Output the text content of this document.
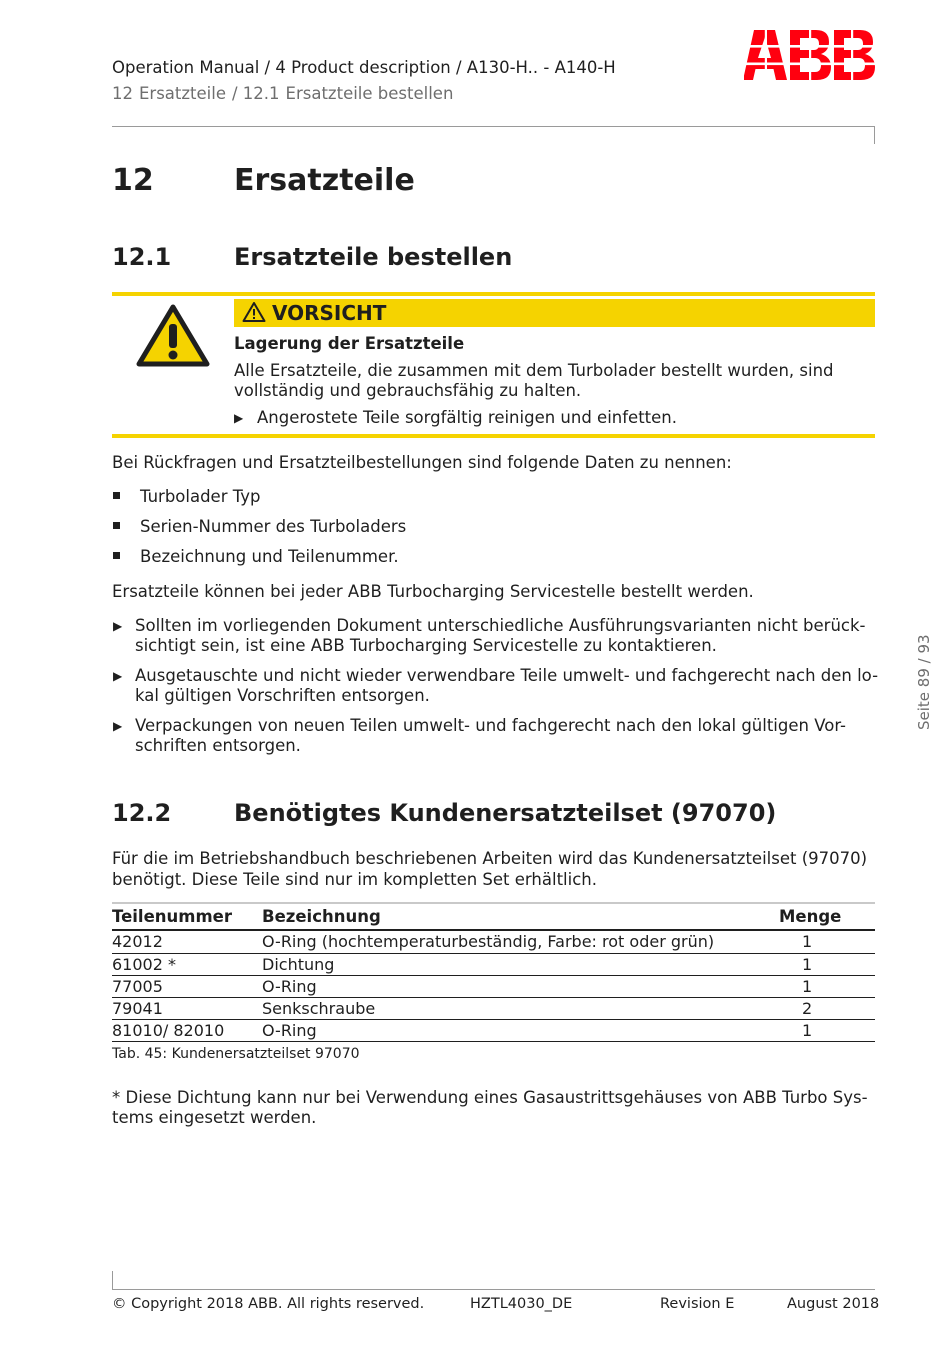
Operation Manual / 4 Product description / A130-H.. - A140-H
12 Ersatzteile / 12.1 Ersatzteile bestellen
12	Ersatzteile
12.1	Ersatzteile bestellen
VORSICHT
Lagerung der Ersatzteile
Alle Ersatzteile, die zusammen mit dem Turbolader bestellt wurden, sind
vollständig und gebrauchsfähig zu halten.
▶ Angerostete Teile sorgfältig reinigen und einfetten.
Bei Rückfragen und Ersatzteilbestellungen sind folgende Daten zu nennen:
Turbolader Typ
Serien-Nummer des Turboladers
Bezeichnung und Teilenummer.
Ersatzteile können bei jeder ABB Turbocharging Servicestelle bestellt werden.
▶ Sollten im vorliegenden Dokument unterschiedliche Ausführungsvarianten nicht berück-
sichtigt sein, ist eine ABB Turbocharging Servicestelle zu kontaktieren.
▶ Ausgetauschte und nicht wieder verwendbare Teile umwelt- und fachgerecht nach den lo-
kal gültigen Vorschriften entsorgen.
▶ Verpackungen von neuen Teilen umwelt- und fachgerecht nach den lokal gültigen Vor-
schriften entsorgen.
12.2	Benötigtes Kundenersatzteilset (97070)
Für die im Betriebshandbuch beschriebenen Arbeiten wird das Kundenersatzteilset (97070)
benötigt. Diese Teile sind nur im kompletten Set erhältlich.
Teilenummer Bezeichnung	Menge
42012	O-Ring (hochtemperaturbeständig, Farbe: rot oder grün)	1
61002 *	Dichtung	1
77005	O-Ring	1
79041	Senkschraube	2
81010/ 82010 O-Ring	1
Tab. 45: Kundenersatzteilset 97070
* Diese Dichtung kann nur bei Verwendung eines Gasaustrittsgehäuses von ABB Turbo Sys-
tems eingesetzt werden.
Seite 89 / 93
© Copyright 2018 ABB. All rights reserved.	HZTL4030_DE	Revision E	August 2018
